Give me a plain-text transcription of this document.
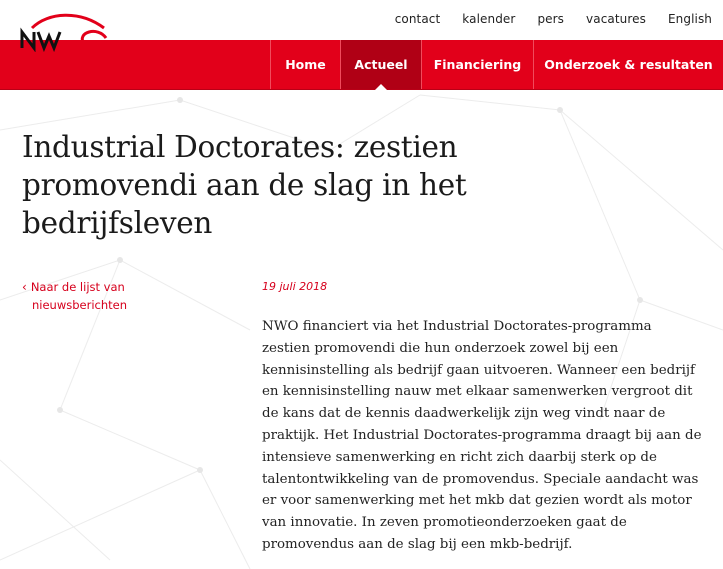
contact kalender pers vacatures English
Home	Actueel	Financiering	Onderzoek & resultaten
Industrial Doctorates: zestien promovendi aan de slag in het bedrijfsleven
‹ Naar de lijst van
nieuwsberichten
19 juli 2018
NWO financiert via het Industrial Doctorates-programma
zestien promovendi die hun onderzoek zowel bij een
kennisinstelling als bedrijf gaan uitvoeren. Wanneer een bedrijf
en kennisinstelling nauw met elkaar samenwerken vergroot dit
de kans dat de kennis daadwerkelijk zijn weg vindt naar de
praktijk. Het Industrial Doctorates-programma draagt bij aan de
intensieve samenwerking en richt zich daarbij sterk op de
talentontwikkeling van de promovendus. Speciale aandacht was
er voor samenwerking met het mkb dat gezien wordt als motor
van innovatie. In zeven promotieonderzoeken gaat de
promovendus aan de slag bij een mkb-bedrijf.
